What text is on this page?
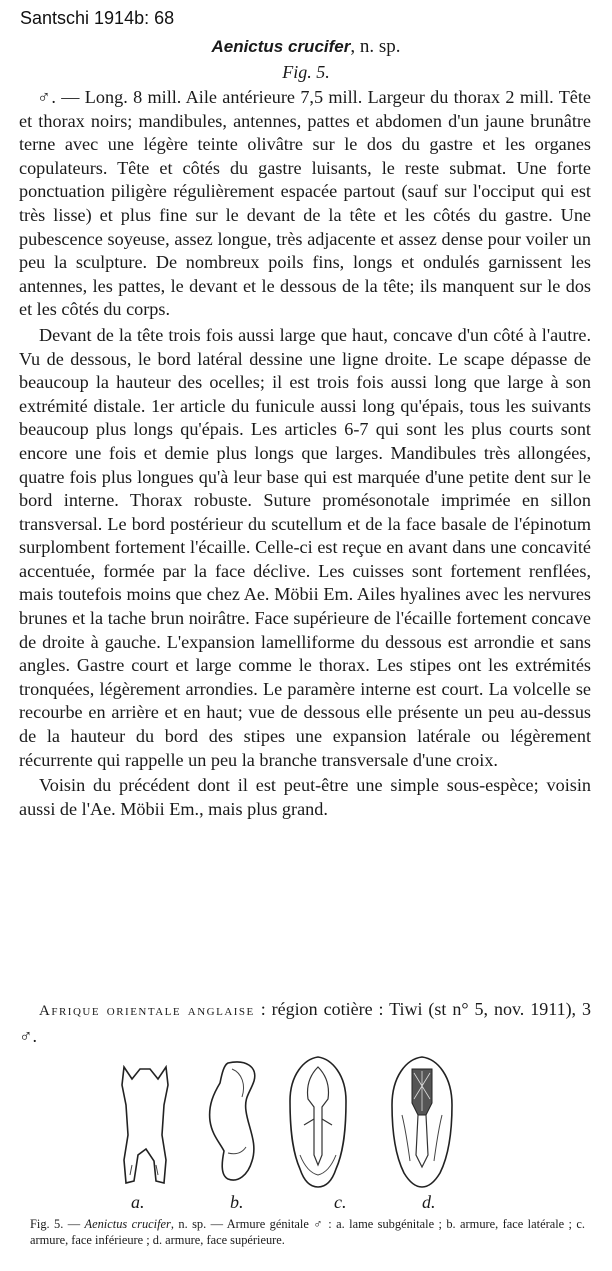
Santschi 1914b: 68
Aenictus crucifer, n. sp.
Fig. 5.

♂. — Long. 8 mill. Aile antérieure 7,5 mill. Largeur du thorax 2 mill. Tête et thorax noirs; mandibules, antennes, pattes et abdomen d'un jaune brunâtre terne avec une légère teinte olivâtre sur le dos du gastre et les organes copulateurs. Tête et côtés du gastre luisants, le reste submat. Une forte ponctuation piligère régulièrement espacée partout (sauf sur l'occiput qui est très lisse) et plus fine sur le devant de la tête et les côtés du gastre. Une pubescence soyeuse, assez longue, très adjacente et assez dense pour voiler un peu la sculpture. De nombreux poils fins, longs et ondulés garnissent les antennes, les pattes, le devant et le dessous de la tête; ils manquent sur le dos et les côtés du corps.

Devant de la tête trois fois aussi large que haut, concave d'un côté à l'autre. Vu de dessous, le bord latéral dessine une ligne droite. Le scape dépasse de beaucoup la hauteur des ocelles; il est trois fois aussi long que large à son extrémité distale. 1er article du funicule aussi long qu'épais, tous les suivants beaucoup plus longs qu'épais. Les articles 6-7 qui sont les plus courts sont encore une fois et demie plus longs que larges. Mandibules très allongées, quatre fois plus longues qu'à leur base qui est marquée d'une petite dent sur le bord interne. Thorax robuste. Suture promésonotale imprimée en sillon transversal. Le bord postérieur du scutellum et de la face basale de l'épinotum surplombent fortement l'écaille. Celle-ci est reçue en avant dans une concavité accentuée, formée par la face déclive. Les cuisses sont fortement renflées, mais toutefois moins que chez Ae. Möbii Em. Ailes hyalines avec les nervures brunes et la tache brun noirâtre. Face supérieure de l'écaille fortement concave de droite à gauche. L'expansion lamelliforme du dessous est arrondie et sans angles. Gastre court et large comme le thorax. Les stipes ont les extrémités tronquées, légèrement arrondies. Le paramère interne est court. La volcelle se recourbe en arrière et en haut; vue de dessous elle présente un peu au-dessus de la hauteur du bord des stipes une expansion latérale ou légèrement récurrente qui rappelle un peu la branche transversale d'une croix.

Voisin du précédent dont il est peut-être une simple sous-espèce; voisin aussi de l'Ae. Möbii Em., mais plus grand.

Afrique orientale anglaise : région cotière : Tiwi (st n° 5, nov. 1911), 3 ♂.
a.	b.	c.	d.
Fig. 5. — Aenictus crucifer, n. sp. — Armure génitale ♂ : a. lame subgénitale ; b. armure, face latérale ; c. armure, face inférieure ; d. armure, face supérieure.
